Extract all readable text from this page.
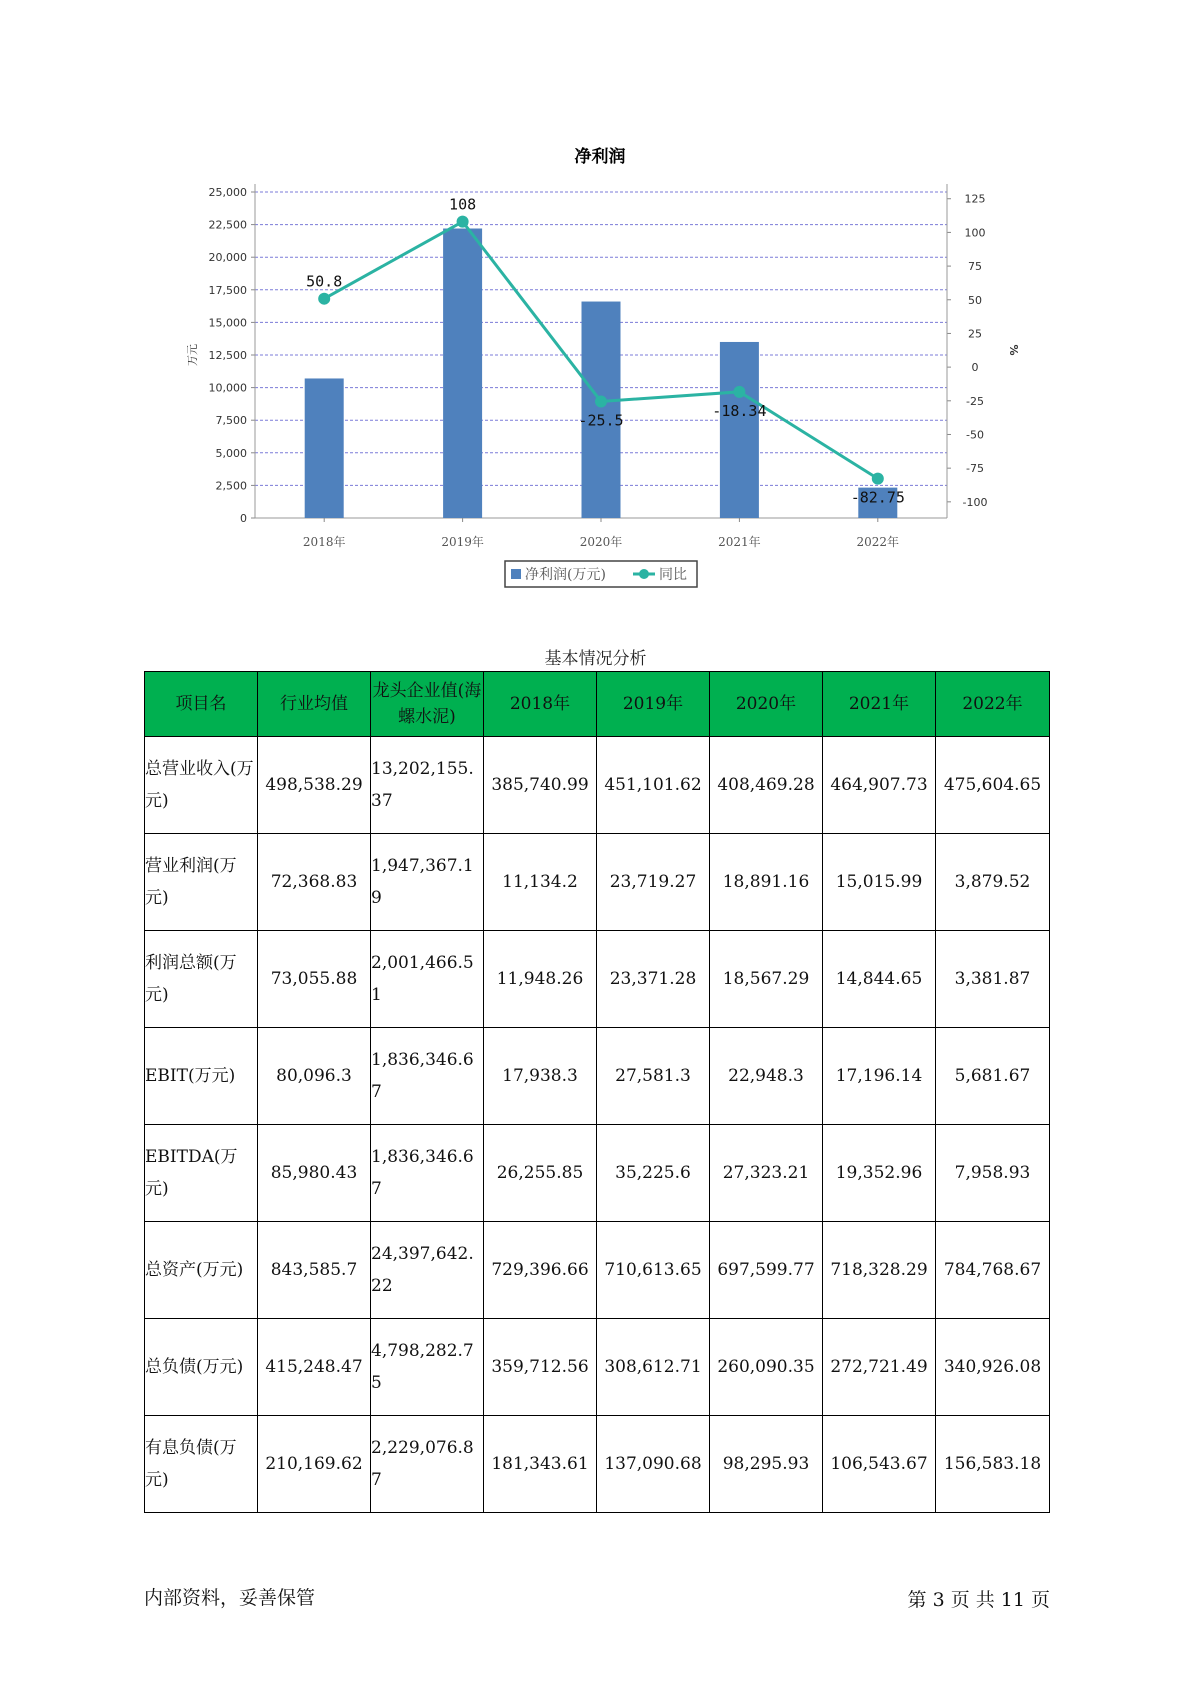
净利润
0
2,500
5,000
7,500
10,000
12,500
15,000
17,500
20,000
22,500
25,000
-100
-75
-50
-25
0
25
50
75
100
125
万元	%
2018年	2019年	2020年	2021年	2022年
50.8
108
-25.5
-18.34
-82.75
净利润(万元)	同比
基本情况分析
项目名	行业均值	龙头企业值(海螺水泥)	2018年	2019年	2020年	2021年	2022年
总营业收入(万元)	498,538.29	13,202,155.37	385,740.99	451,101.62	408,469.28	464,907.73	475,604.65
营业利润(万元)	72,368.83	1,947,367.19	11,134.2	23,719.27	18,891.16	15,015.99	3,879.52
利润总额(万元)	73,055.88	2,001,466.51	11,948.26	23,371.28	18,567.29	14,844.65	3,381.87
EBIT(万元)	80,096.3	1,836,346.67	17,938.3	27,581.3	22,948.3	17,196.14	5,681.67
EBITDA(万元)	85,980.43	1,836,346.67	26,255.85	35,225.6	27,323.21	19,352.96	7,958.93
总资产(万元)	843,585.7	24,397,642.22	729,396.66	710,613.65	697,599.77	718,328.29	784,768.67
总负债(万元)	415,248.47	4,798,282.75	359,712.56	308,612.71	260,090.35	272,721.49	340,926.08
有息负债(万元)	210,169.62	2,229,076.87	181,343.61	137,090.68	98,295.93	106,543.67	156,583.18
内部资料，妥善保管	第 3 页 共 11 页
